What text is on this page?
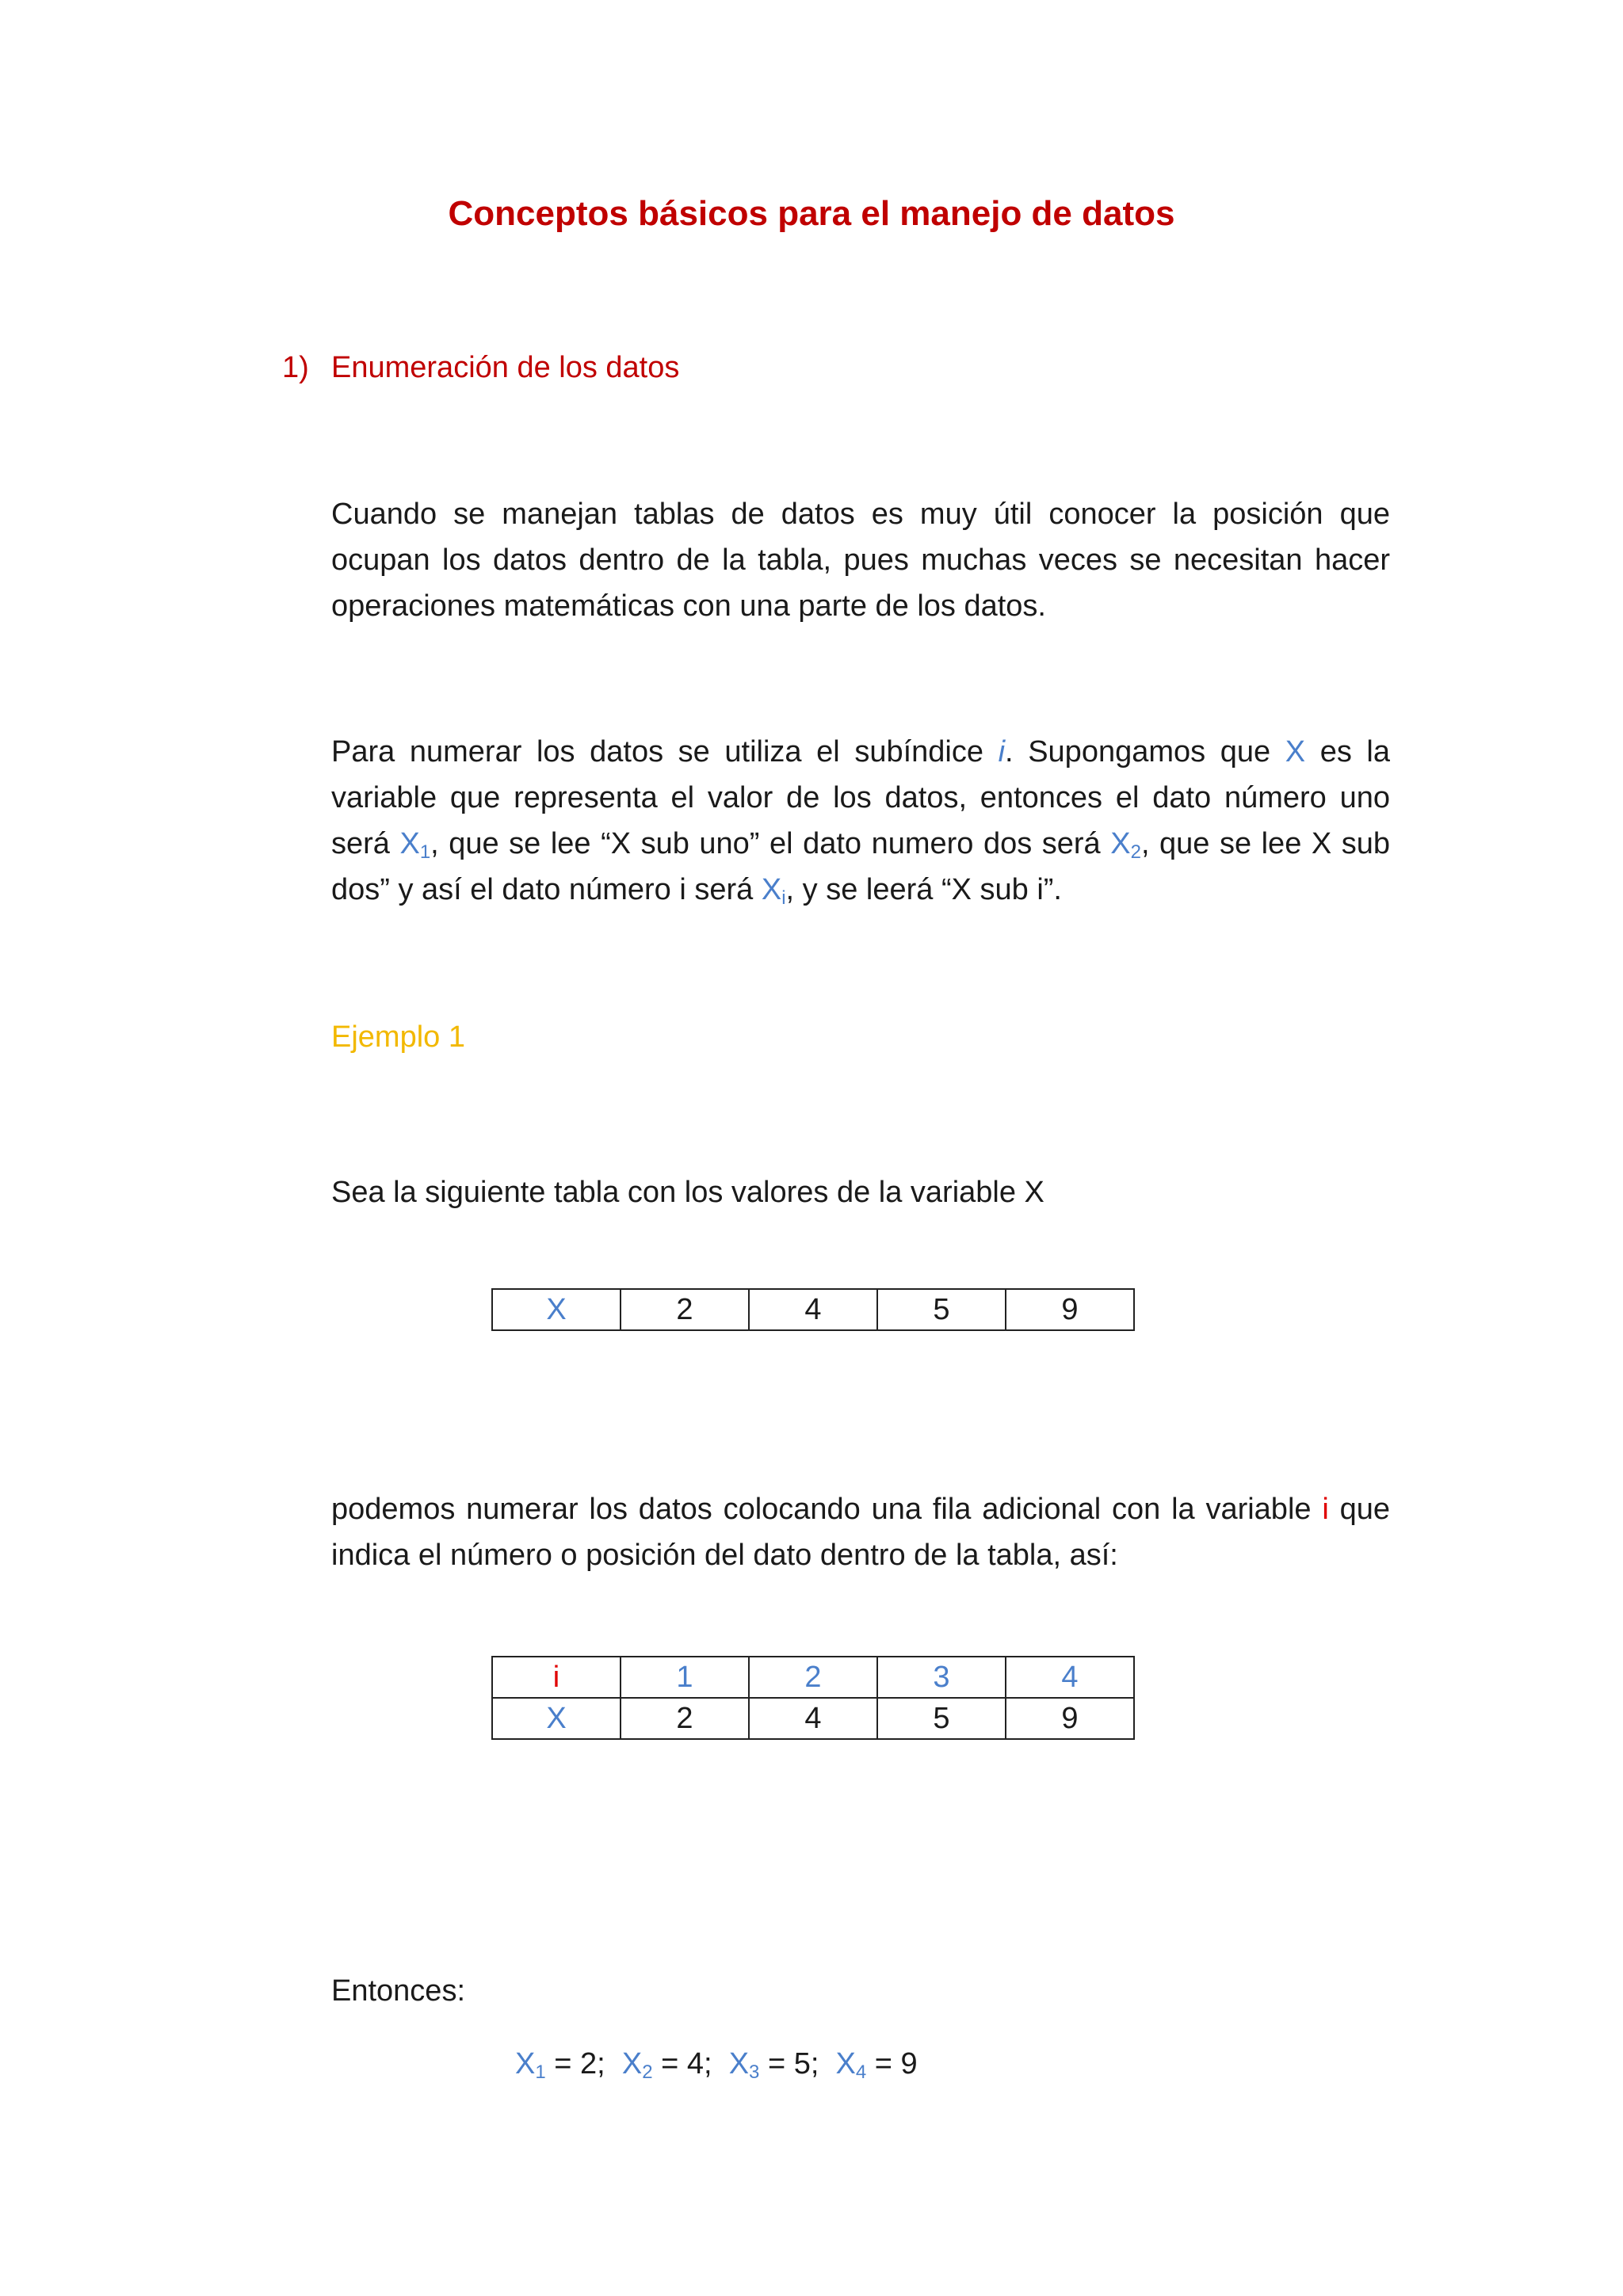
Conceptos básicos para el manejo de datos
1) Enumeración de los datos
Cuando se manejan tablas de datos es muy útil conocer la posición que ocupan los datos dentro de la tabla, pues muchas veces se necesitan hacer operaciones matemáticas con una parte de los datos.
Para numerar los datos se utiliza el subíndice i. Supongamos que X es la variable que representa el valor de los datos, entonces el dato número uno será $X_1$, que se lee “X sub uno” el dato numero dos será $X_2$, que se lee X sub dos” y así el dato número i será $X_i$, y se leerá “X sub i”.
Ejemplo 1
Sea la siguiente tabla con los valores de la variable X
X	2	4	5	9
podemos numerar los datos colocando una fila adicional con la variable i que indica el número o posición del dato dentro de la tabla, así:
i	1	2	3	4
X	2	4	5	9
Entonces:
$X_1 = 2$;  $X_2 = 4$;  $X_3 = 5$;  $X_4 = 9$
